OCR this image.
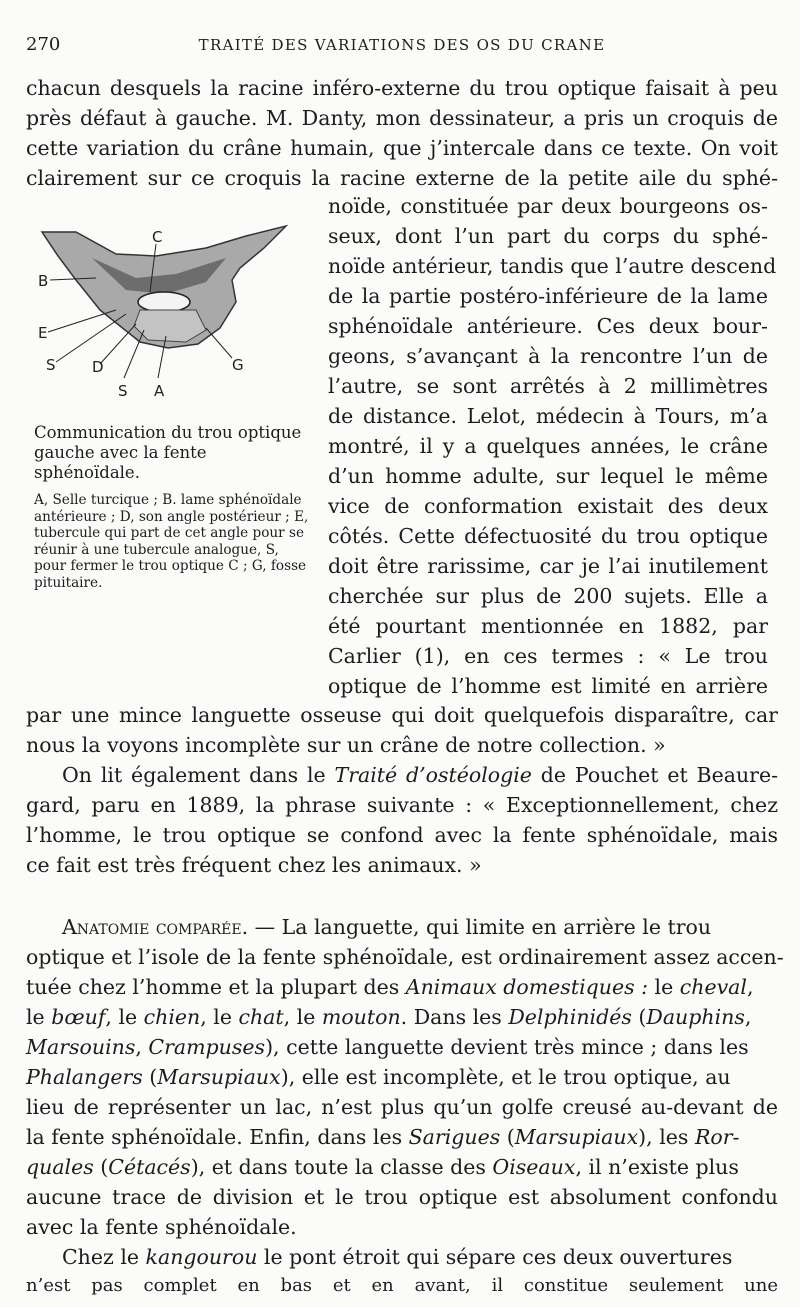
270	TRAITÉ DES VARIATIONS DES OS DU CRANE
chacun desquels la racine inféro-externe du trou optique faisait à peu
près défaut à gauche. M. Danty, mon dessinateur, a pris un croquis de
cette variation du crâne humain, que j’intercale dans ce texte. On voit
clairement sur ce croquis la racine externe de la petite aile du sphé-
noïde, constituée par deux bourgeons os-
seux, dont l’un part du corps du sphé-
noïde antérieur, tandis que l’autre descend
de la partie postéro-inférieure de la lame
sphénoïdale antérieure. Ces deux bour-
geons, s’avançant à la rencontre l’un de
l’autre, se sont arrêtés à 2 millimètres
de distance. Lelot, médecin à Tours, m’a
montré, il y a quelques années, le crâne
d’un homme adulte, sur lequel le même
vice de conformation existait des deux
côtés. Cette défectuosité du trou optique
doit être rarissime, car je l’ai inutilement
cherchée sur plus de 200 sujets. Elle a
été pourtant mentionnée en 1882, par
Carlier (1), en ces termes : « Le trou
optique de l’homme est limité en arrière
C
B
E
S D	G
S A
Communication du trou optique gauche avec la fente sphénoïdale.
A, Selle turcique ; B. lame sphénoïdale antérieure ; D, son angle postérieur ; E, tubercule qui part de cet angle pour se réunir à une tubercule analogue, S, pour fermer le trou optique C ; G, fosse pituitaire.
par une mince languette osseuse qui doit quelquefois disparaître, car
nous la voyons incomplète sur un crâne de notre collection. »
On lit également dans le Traité d’ostéologie de Pouchet et Beaure-
gard, paru en 1889, la phrase suivante : « Exceptionnellement, chez
l’homme, le trou optique se confond avec la fente sphénoïdale, mais
ce fait est très fréquent chez les animaux. »
Anatomie comparée. — La languette, qui limite en arrière le trou
optique et l’isole de la fente sphénoïdale, est ordinairement assez accen-
tuée chez l’homme et la plupart des Animaux domestiques : le cheval,
le bœuf, le chien, le chat, le mouton. Dans les Delphinidés (Dauphins,
Marsouins, Crampuses), cette languette devient très mince ; dans les
Phalangers (Marsupiaux), elle est incomplète, et le trou optique, au
lieu de représenter un lac, n’est plus qu’un golfe creusé au-devant de
la fente sphénoïdale. Enfin, dans les Sarigues (Marsupiaux), les Ror-
quales (Cétacés), et dans toute la classe des Oiseaux, il n’existe plus
aucune trace de division et le trou optique est absolument confondu
avec la fente sphénoïdale.
Chez le kangourou le pont étroit qui sépare ces deux ouvertures
n’est pas complet en bas et en avant, il constitue seulement une
